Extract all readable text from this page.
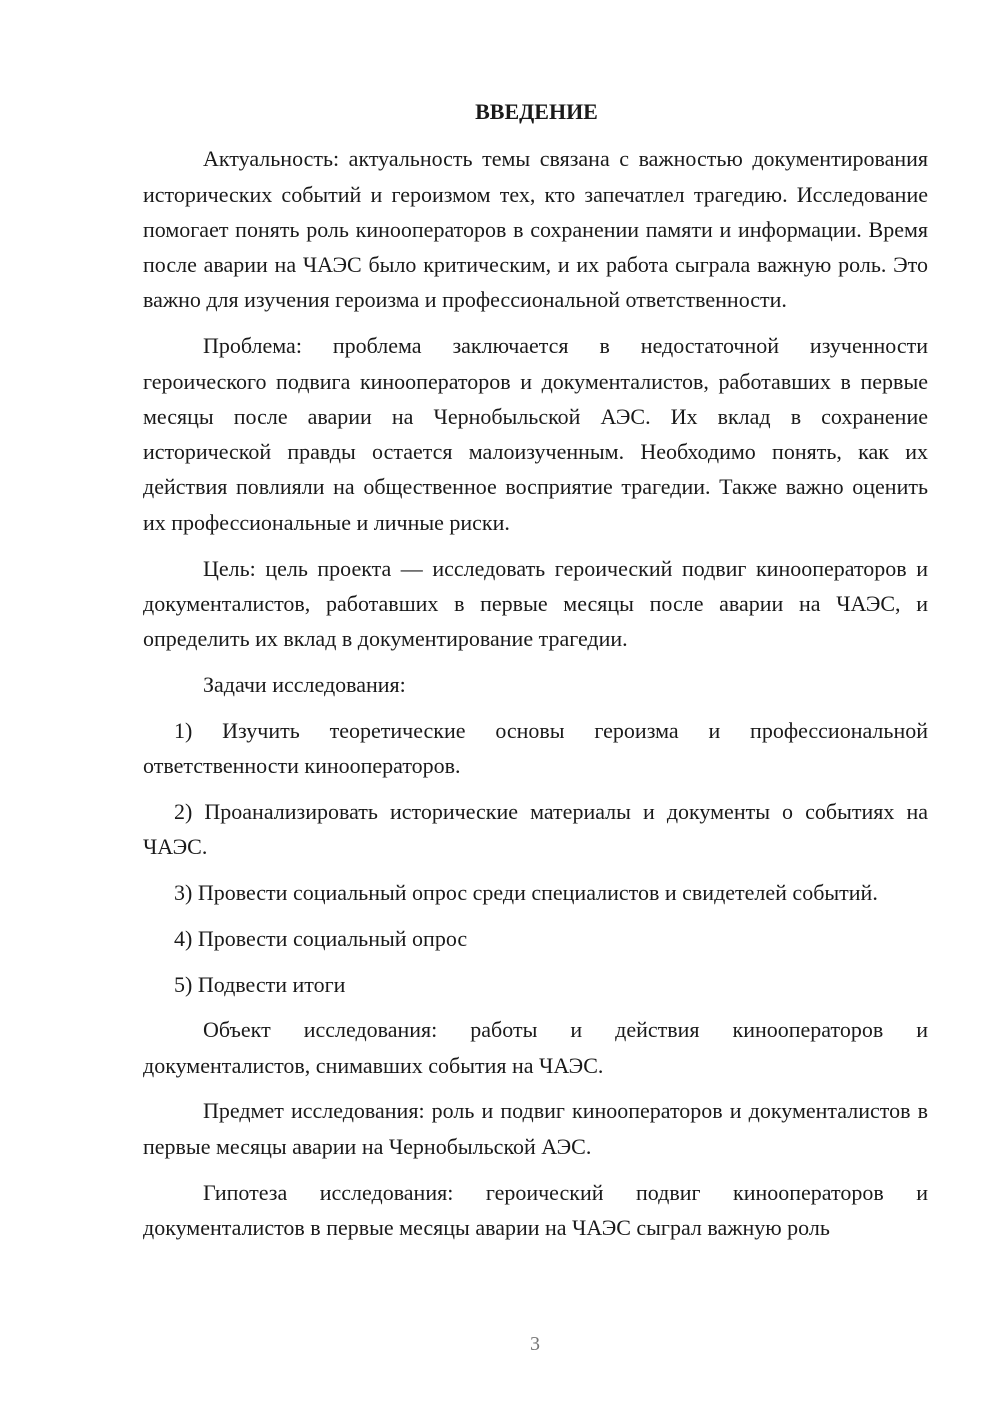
ВВЕДЕНИЕ

Актуальность: актуальность темы связана с важностью документирования исторических событий и героизмом тех, кто запечатлел трагедию. Исследование помогает понять роль кинооператоров в сохранении памяти и информации. Время после аварии на ЧАЭС было критическим, и их работа сыграла важную роль. Это важно для изучения героизма и профессиональной ответственности.

Проблема: проблема заключается в недостаточной изученности героического подвига кинооператоров и документалистов, работавших в первые месяцы после аварии на Чернобыльской АЭС. Их вклад в сохранение исторической правды остается малоизученным. Необходимо понять, как их действия повлияли на общественное восприятие трагедии. Также важно оценить их профессиональные и личные риски.

Цель: цель проекта — исследовать героический подвиг кинооператоров и документалистов, работавших в первые месяцы после аварии на ЧАЭС, и определить их вклад в документирование трагедии.

Задачи исследования:

1) Изучить теоретические основы героизма и профессиональной ответственности кинооператоров.

2) Проанализировать исторические материалы и документы о событиях на ЧАЭС.

3) Провести социальный опрос среди специалистов и свидетелей событий.

4) Провести социальный опрос

5) Подвести итоги

Объект исследования: работы и действия кинооператоров и документалистов, снимавших события на ЧАЭС.

Предмет исследования: роль и подвиг кинооператоров и документалистов в первые месяцы аварии на Чернобыльской АЭС.

Гипотеза исследования: героический подвиг кинооператоров и документалистов в первые месяцы аварии на ЧАЭС сыграл важную роль

3
